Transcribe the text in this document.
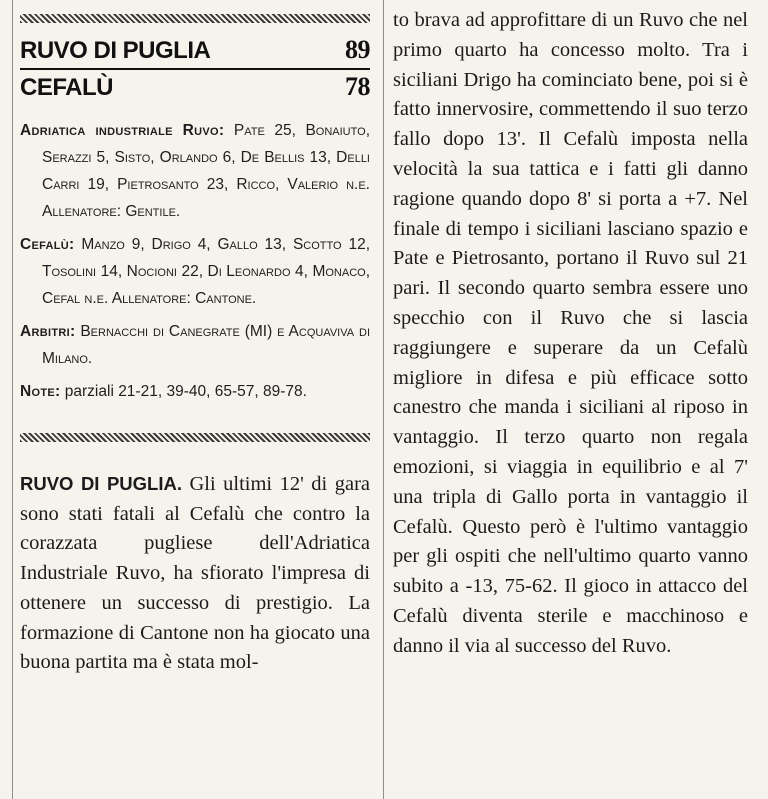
RUVO DI PUGLIA	89
CEFALÙ	78

Adriatica industriale Ruvo: Pate 25, Bonaiuto, Serazzi 5, Sisto, Orlando 6, De Bellis 13, Delli Carri 19, Pietrosanto 23, Ricco, Valerio n.e. Allenatore: Gentile.

Cefalù: Manzo 9, Drigo 4, Gallo 13, Scotto 12, Tosolini 14, Nocioni 22, Di Leonardo 4, Monaco, Cefal n.e. Allenatore: Cantone.

Arbitri: Bernacchi di Canegrate (MI) e Acquaviva di Milano.

Note: parziali 21-21, 39-40, 65-57, 89-78.

RUVO DI PUGLIA. Gli ultimi 12' di gara sono stati fatali al Cefalù che contro la corazzata pugliese dell'Adriatica Industriale Ruvo, ha sfiorato l'impresa di ottenere un successo di prestigio. La formazione di Cantone non ha giocato una buona partita ma è stata mol-
to brava ad approfittare di un Ruvo che nel primo quarto ha concesso molto. Tra i siciliani Drigo ha cominciato bene, poi si è fatto innervosire, commettendo il suo terzo fallo dopo 13'. Il Cefalù imposta nella velocità la sua tattica e i fatti gli danno ragione quando dopo 8' si porta a +7. Nel finale di tempo i siciliani lasciano spazio e Pate e Pietrosanto, portano il Ruvo sul 21 pari. Il secondo quarto sembra essere uno specchio con il Ruvo che si lascia raggiungere e superare da un Cefalù migliore in difesa e più efficace sotto canestro che manda i siciliani al riposo in vantaggio. Il terzo quarto non regala emozioni, si viaggia in equilibrio e al 7' una tripla di Gallo porta in vantaggio il Cefalù. Questo però è l'ultimo vantaggio per gli ospiti che nell'ultimo quarto vanno subito a -13, 75-62. Il gioco in attacco del Cefalù diventa sterile e macchinoso e danno il via al successo del Ruvo.
